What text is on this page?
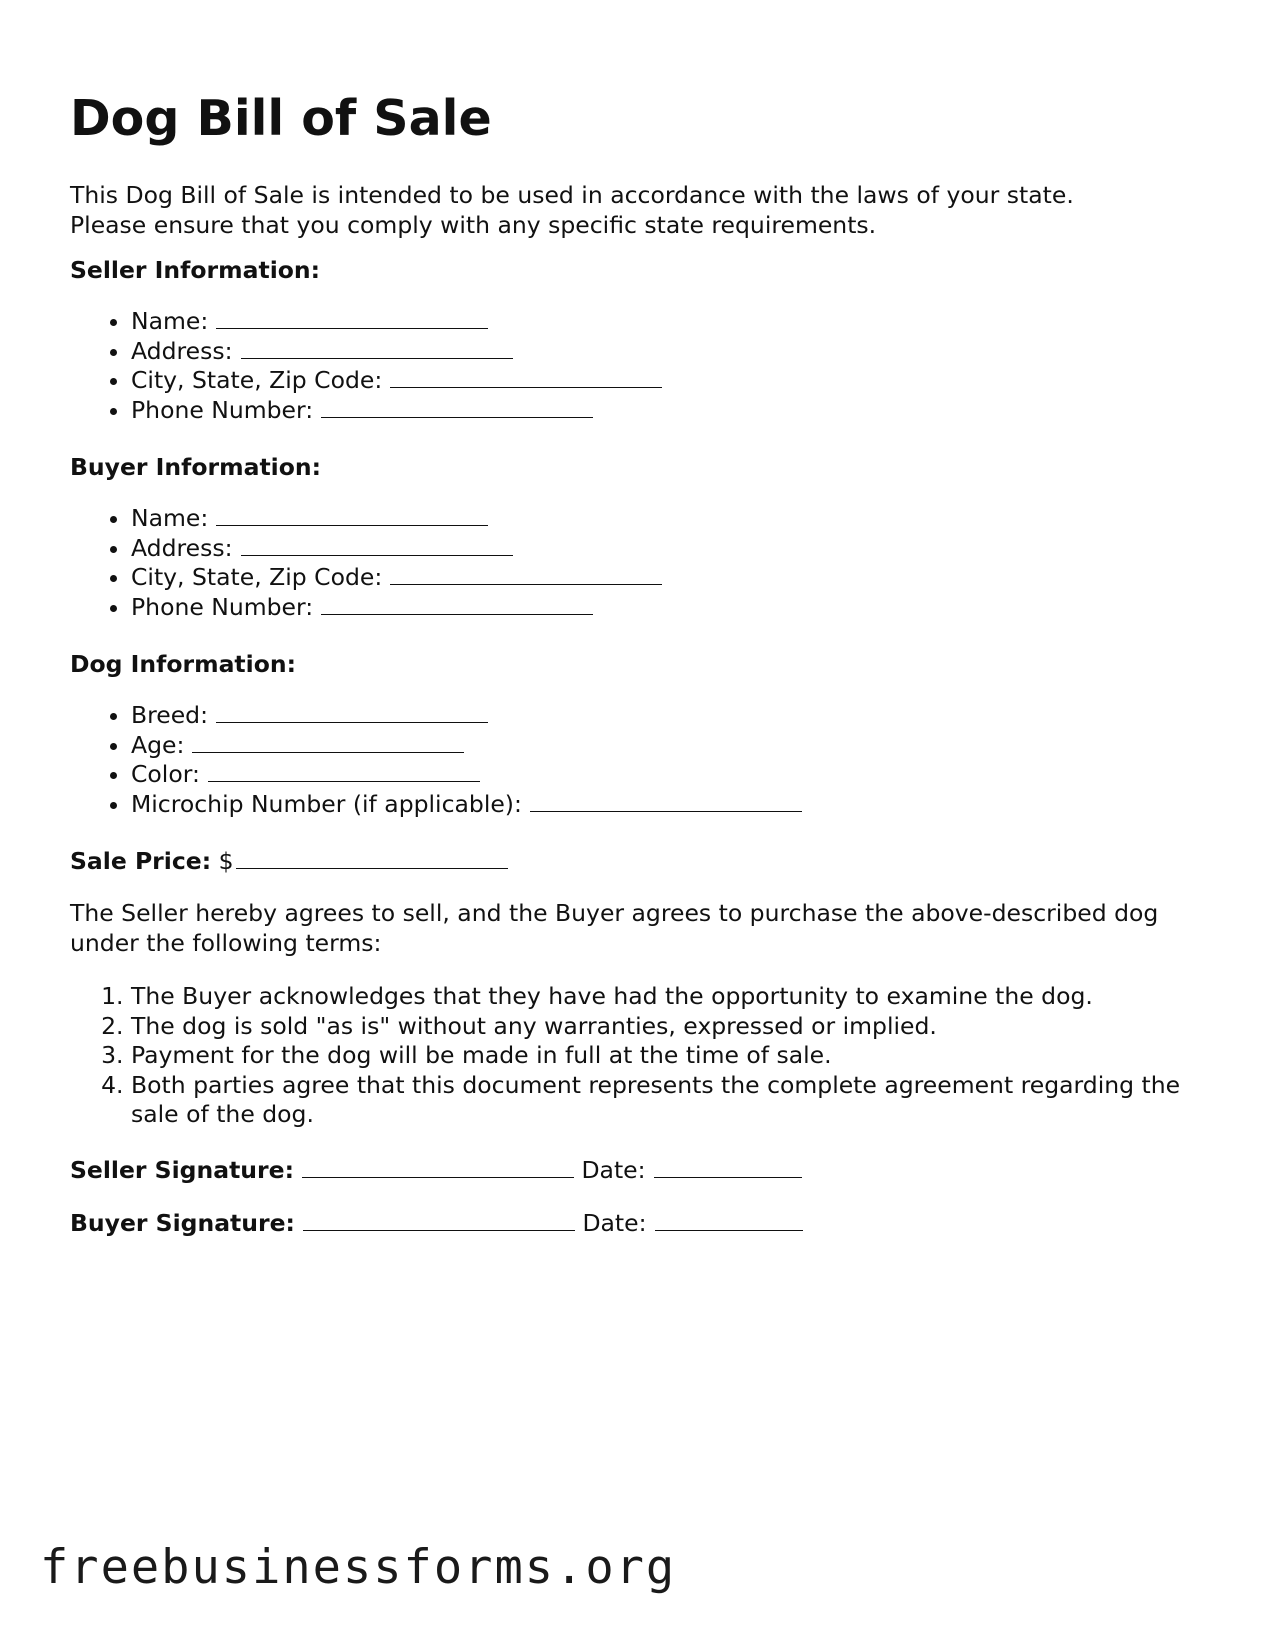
Dog Bill of Sale
This Dog Bill of Sale is intended to be used in accordance with the laws of your state.
Please ensure that you comply with any specific state requirements.
Seller Information:
• Name:
• Address:
• City, State, Zip Code:
• Phone Number:
Buyer Information:
• Name:
• Address:
• City, State, Zip Code:
• Phone Number:
Dog Information:
• Breed:
• Age:
• Color:
• Microchip Number (if applicable):
Sale Price: $
The Seller hereby agrees to sell, and the Buyer agrees to purchase the above-described dog under the following terms:
1. The Buyer acknowledges that they have had the opportunity to examine the dog.
2. The dog is sold "as is" without any warranties, expressed or implied.
3. Payment for the dog will be made in full at the time of sale.
4. Both parties agree that this document represents the complete agreement regarding the sale of the dog.
Seller Signature:	Date:
Buyer Signature:	Date:
freebusinessforms.org
